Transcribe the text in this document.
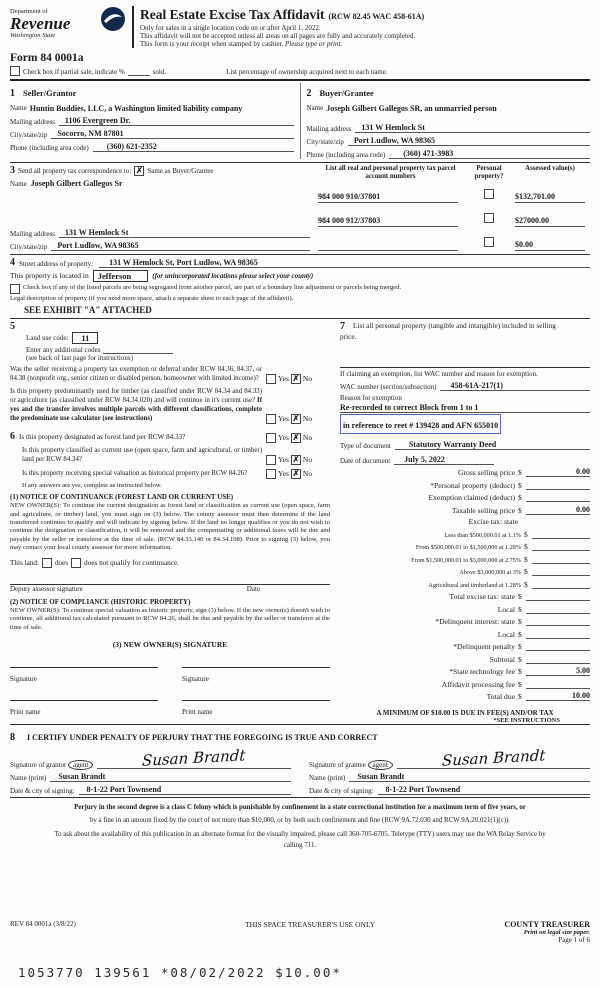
Department of
Revenue
Washington State
Real Estate Excise Tax Affidavit (RCW 82.45 WAC 458-61A)
Only for sales in a single location code on or after April 1, 2022.
This affidavit will not be accepted unless all areas on all pages are fully and accurately completed.
This form is your receipt when stamped by cashier. Please type or print.
Form 84 0001a
Check box if partial sale, indicate %	sold.	List percentage of ownership acquired next to each name.
1 Seller/Grantor
Name Huntin Buddies, LLC, a Washington limited liability company
Mailing address	1106 Evergreen Dr.
City/state/zip	Socorro, NM 87801
Phone (including area code)	(360) 621-2352
2 Buyer/Grantee
Name Joseph Gilbert Gallegos SR, an unmarried person
Mailing address	131 W Hemlock St
City/state/zip	Port Ludlow, WA 98365
Phone (including area code)	(360) 471-3983
3 Send all property tax correspondence to: ✗ Same as Buyer/Grantee
Name Joseph Gilbert Gallegos Sr
Mailing address	131 W Hemlock St
City/state/zip	Port Ludlow, WA 98365
List all real and personal property tax parcel account numbers
Personal property?
Assessed value(s)
984 000 910/37801	$132,701.00
984 000 912/37803	$27000.00
$0.00
4 Street address of property:	131 W Hemlock St, Port Ludlow, WA 98365
This property is located in	Jefferson	(for unincorporated locations please select your county)
Check box if any of the listed parcels are being segregated from another parcel, are part of a boundary line adjustment or parcels being merged.
Legal description of property (if you need more space, attach a separate sheet to each page of the affidavit).
SEE EXHIBIT "A" ATTACHED
5
Land use code:	11
Enter any additional codes
(see back of last page for instructions)
Was the seller receiving a property tax exemption or deferral under RCW 84.36, 84.37, or 84.38 (nonprofit org., senior citizen or disabled person, homeowner with limited income)?	Yes ✗ No
Is this property predominantly used for timber (as classified under RCW 84.34 and 84.33) or agriculture (as classified under RCW 84.34.020) and will continue in it's current use? If yes and the transfer involves multiple parcels with different classifications, complete the predominate use calculator (see instructions)	Yes ✗ No
6 Is this property designated as forest land per RCW 84.33?	Yes ✗ No
Is this property classified as current use (open space, farm and agricultural, or timber) land per RCW 84.34?	Yes ✗ No
Is this property receiving special valuation as historical property per RCW 84.26?	Yes ✗ No
If any answers are yes, complete as instructed below.
(1) NOTICE OF CONTINUANCE (FOREST LAND OR CURRENT USE)
NEW OWNER(S): To continue the current designation as forest land or classification as current use (open space, farm and agriculture, or timber) land, you must sign on (3) below. The county assessor must then determine if the land transferred continues to qualify and will indicate by signing below. If the land no longer qualifies or you do not wish to continue the designation or classification, it will be removed and the compensating or additional taxes will be due and payable by the seller or transferor at the time of sale. (RCW 84.33.140 or 84.34.108). Prior to signing (3) below, you may contact your local county assessor for more information.
This land: does does not qualify for continuance.
Deputy assessor signature	Date
(2) NOTICE OF COMPLIANCE (HISTORIC PROPERTY)
NEW OWNER(S): To continue special valuation as historic property, sign (3) below. If the new owner(s) doesn't wish to continue, all additional tax calculated pursuant to RCW 84.26, shall be due and payable by the seller or transferor at the time of sale.
(3) NEW OWNER(S) SIGNATURE
Signature	Signature
Print name	Print name
7 List all personal property (tangible and intangible) included in selling
price.
If claiming an exemption, list WAC number and reason for exemption.
WAC number (section/subsection)	458-61A-217(1)
Reason for exemption
Re-recorded to correct Block from 1 to 1
in reference to reet # 139428 and AFN 655010
Type of document	Statutory Warranty Deed
Date of document	July 5, 2022
Gross selling price $	0.00
*Personal property (deduct) $
Exemption claimed (deduct) $
Taxable selling price $	0.00
Excise tax: state
Less than $500,000.01 at 1.1% $
From $500,000.01 to $1,500,000 at 1.28% $
From $1,500,000.01 to $3,000,000 at 2.75% $
Above $3,000,000 at 3% $
Agricultural and timberland at 1.28% $
Total excise tax: state $
Local $
*Delinquent interest: state $
Local $
*Delinquent penalty $
Subtotal $
*State technology fee $	5.00
Affidavit processing fee $
Total due $	10.00
A MINIMUM OF $10.00 IS DUE IN FEE(S) AND/OR TAX
*SEE INSTRUCTIONS
8 I CERTIFY UNDER PENALTY OF PERJURY THAT THE FOREGOING IS TRUE AND CORRECT
Signature of grantor agent	Susan Brandt
Name (print)	Susan Brandt
Date & city of signing:	8-1-22 Port Townsend
Signature of grantee agent	Susan Brandt
Name (print)	Susan Brandt
Date & city of signing:	8-1-22 Port Townsend
Perjury in the second degree is a class C felony which is punishable by confinement in a state correctional institution for a maximum term of five years, or
by a fine in an amount fixed by the court of not more than $10,000, or by both such confinement and fine (RCW 9A.72.030 and RCW 9A.20.021(1)(c)).
To ask about the availability of this publication in an alternate format for the visually impaired, please call 360-705-6705. Teletype (TTY) users may use the WA Relay Service by calling 711.
REV 84 0001a (3/8/22)	THIS SPACE TREASURER'S USE ONLY	COUNTY TREASURER
Print on legal size paper.
Page 1 of 6
1053770 139561 *08/02/2022 $10.00*
